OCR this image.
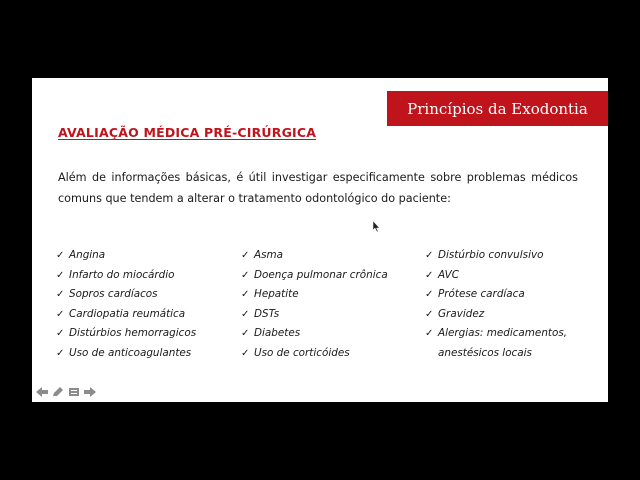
Princípios da Exodontia
AVALIAÇÃO MÉDICA PRÉ-CIRÚRGICA
Além de informações básicas, é útil investigar especificamente sobre problemas médicos comuns que tendem a alterar o tratamento odontológico do paciente:
✓ Angina
✓ Infarto do miocárdio
✓ Sopros cardíacos
✓ Cardiopatia reumática
✓ Distúrbios hemorragicos
✓ Uso de anticoagulantes
✓ Asma
✓ Doença pulmonar crônica
✓ Hepatite
✓ DSTs
✓ Diabetes
✓ Uso de corticóides
✓ Distúrbio convulsivo
✓ AVC
✓ Prótese cardíaca
✓ Gravidez
✓ Alergias: medicamentos,
anestésicos locais
